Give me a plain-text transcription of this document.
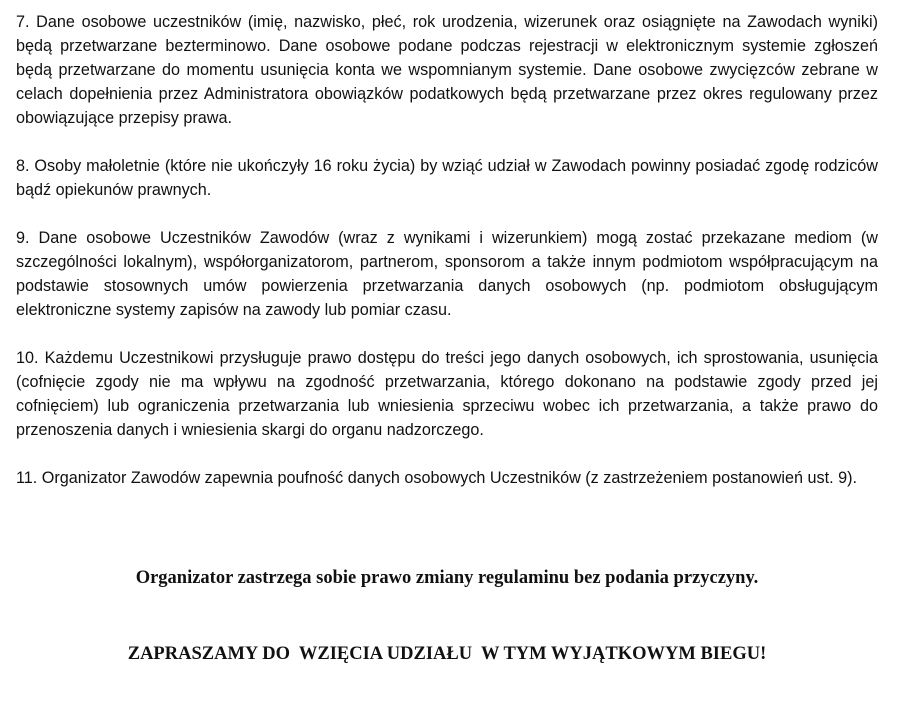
7. Dane osobowe uczestników (imię, nazwisko, płeć, rok urodzenia, wizerunek oraz osiągnięte na Zawodach wyniki) będą przetwarzane bezterminowo. Dane osobowe podane podczas rejestracji w elektronicznym systemie zgłoszeń będą przetwarzane do momentu usunięcia konta we wspomnianym systemie. Dane osobowe zwycięzców zebrane w celach dopełnienia przez Administratora obowiązków podatkowych będą przetwarzane przez okres regulowany przez obowiązujące przepisy prawa.

8. Osoby małoletnie (które nie ukończyły 16 roku życia) by wziąć udział w Zawodach powinny posiadać zgodę rodziców bądź opiekunów prawnych.

9. Dane osobowe Uczestników Zawodów (wraz z wynikami i wizerunkiem) mogą zostać przekazane mediom (w szczególności lokalnym), współorganizatorom, partnerom, sponsorom a także innym podmiotom współpracującym na podstawie stosownych umów powierzenia przetwarzania danych osobowych (np. podmiotom obsługującym elektroniczne systemy zapisów na zawody lub pomiar czasu.

10. Każdemu Uczestnikowi przysługuje prawo dostępu do treści jego danych osobowych, ich sprostowania, usunięcia (cofnięcie zgody nie ma wpływu na zgodność przetwarzania, którego dokonano na podstawie zgody przed jej cofnięciem) lub ograniczenia przetwarzania lub wniesienia sprzeciwu wobec ich przetwarzania, a także prawo do przenoszenia danych i wniesienia skargi do organu nadzorczego.

11. Organizator Zawodów zapewnia poufność danych osobowych Uczestników (z zastrzeżeniem postanowień ust. 9).

Organizator zastrzega sobie prawo zmiany regulaminu bez podania przyczyny.

ZAPRASZAMY DO  WZIĘCIA UDZIAŁU  W TYM WYJĄTKOWYM BIEGU!
